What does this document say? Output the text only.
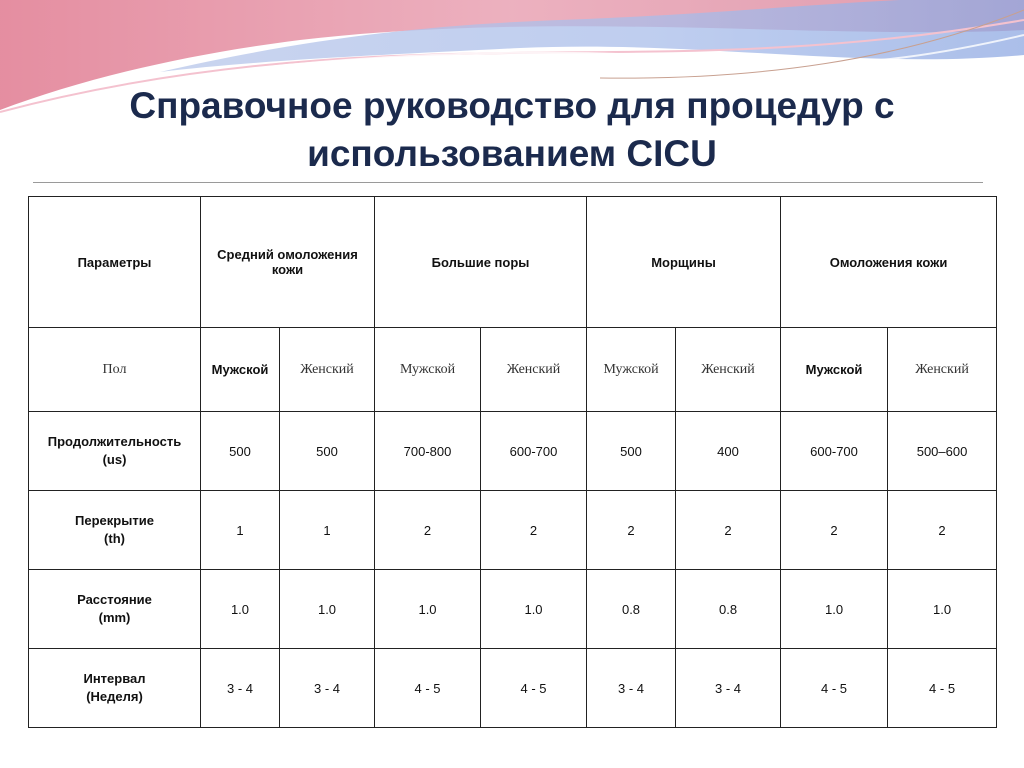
Справочное руководство для процедур с
использованием CICU
Параметры	Средний омоложения кожи		Большие поры		Морщины		Омоложения кожи	
Пол	Мужской	Женский	Мужской	Женский	Мужской	Женский	Мужской	Женский

Продолжительность
(us)	500	500	700-800	600-700	500	400	600-700	500–600

Перекрытие
(th)	1	1	2	2	2	2	2	2

Расстояние
(mm)	1.0	1.0	1.0	1.0	0.8	0.8	1.0	1.0

Интервал
(Неделя)	3 - 4	3 - 4	4 - 5	4 - 5	3 - 4	3 - 4	4 - 5	4 - 5
